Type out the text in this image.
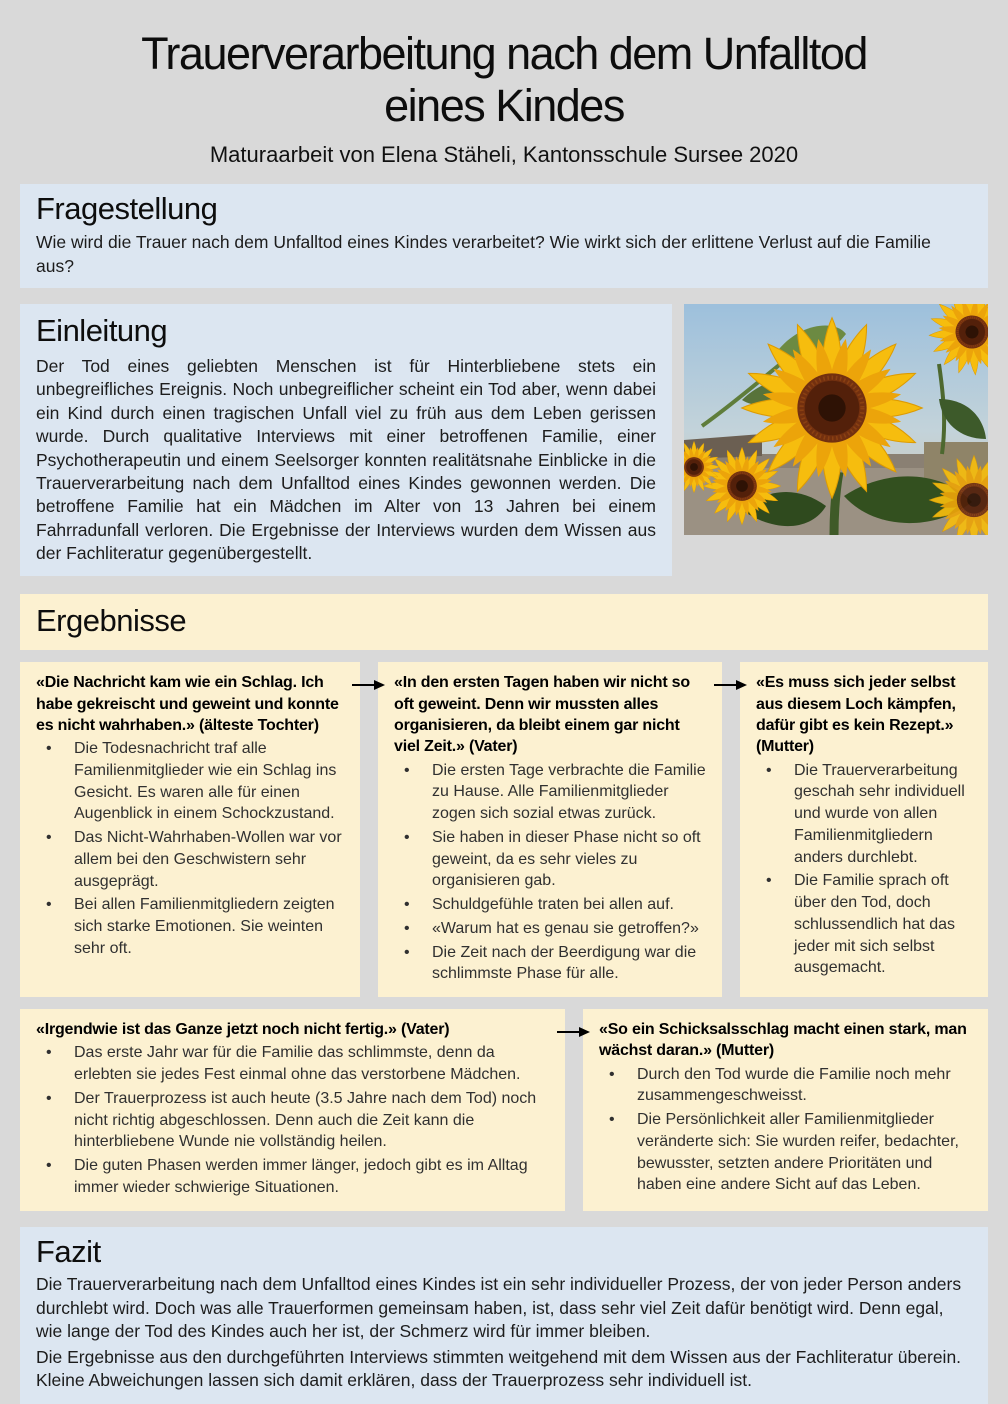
Trauerverarbeitung nach dem Unfalltod
eines Kindes
Maturaarbeit von Elena Stäheli, Kantonsschule Sursee 2020
Fragestellung

Wie wird die Trauer nach dem Unfalltod eines Kindes verarbeitet? Wie wirkt sich der erlittene Verlust auf die Familie aus?

Einleitung

Der Tod eines geliebten Menschen ist für Hinterbliebene stets ein unbegreifliches Ereignis. Noch unbegreiflicher scheint ein Tod aber, wenn dabei ein Kind durch einen tragischen Unfall viel zu früh aus dem Leben gerissen wurde. Durch qualitative Interviews mit einer betroffenen Familie, einer Psychotherapeutin und einem Seelsorger konnten realitätsnahe Einblicke in die Trauerverarbeitung nach dem Unfalltod eines Kindes gewonnen werden. Die betroffene Familie hat ein Mädchen im Alter von 13 Jahren bei einem Fahrradunfall verloren. Die Ergebnisse der Interviews wurden dem Wissen aus der Fachliteratur gegenübergestellt.

Ergebnisse
«Die Nachricht kam wie ein Schlag. Ich habe gekreischt und geweint und konnte es nicht wahrhaben.» (älteste Tochter)
• Die Todesnachricht traf alle Familienmitglieder wie ein Schlag ins Gesicht. Es waren alle für einen Augenblick in einem Schockzustand.
• Das Nicht-Wahrhaben-Wollen war vor allem bei den Geschwistern sehr ausgeprägt.
• Bei allen Familienmitgliedern zeigten sich starke Emotionen. Sie weinten sehr oft.
«In den ersten Tagen haben wir nicht so oft geweint. Denn wir mussten alles organisieren, da bleibt einem gar nicht viel Zeit.» (Vater)
• Die ersten Tage verbrachte die Familie zu Hause. Alle Familienmitglieder zogen sich sozial etwas zurück.
• Sie haben in dieser Phase nicht so oft geweint, da es sehr vieles zu organisieren gab.
• Schuldgefühle traten bei allen auf.
• «Warum hat es genau sie getroffen?»
• Die Zeit nach der Beerdigung war die schlimmste Phase für alle.
«Es muss sich jeder selbst aus diesem Loch kämpfen, dafür gibt es kein Rezept.» (Mutter)
• Die Trauerverarbeitung geschah sehr individuell und wurde von allen Familienmitgliedern anders durchlebt.
• Die Familie sprach oft über den Tod, doch schlussendlich hat das jeder mit sich selbst ausgemacht.
«Irgendwie ist das Ganze jetzt noch nicht fertig.» (Vater)
• Das erste Jahr war für die Familie das schlimmste, denn da erlebten sie jedes Fest einmal ohne das verstorbene Mädchen.
• Der Trauerprozess ist auch heute (3.5 Jahre nach dem Tod) noch nicht richtig abgeschlossen. Denn auch die Zeit kann die hinterbliebene Wunde nie vollständig heilen.
• Die guten Phasen werden immer länger, jedoch gibt es im Alltag immer wieder schwierige Situationen.
«So ein Schicksalsschlag macht einen stark, man wächst daran.» (Mutter)
• Durch den Tod wurde die Familie noch mehr zusammengeschweisst.
• Die Persönlichkeit aller Familienmitglieder veränderte sich: Sie wurden reifer, bedachter, bewusster, setzten andere Prioritäten und haben eine andere Sicht auf das Leben.
Fazit

Die Trauerverarbeitung nach dem Unfalltod eines Kindes ist ein sehr individueller Prozess, der von jeder Person anders durchlebt wird. Doch was alle Trauerformen gemeinsam haben, ist, dass sehr viel Zeit dafür benötigt wird. Denn egal, wie lange der Tod des Kindes auch her ist, der Schmerz wird für immer bleiben.

Die Ergebnisse aus den durchgeführten Interviews stimmten weitgehend mit dem Wissen aus der Fachliteratur überein. Kleine Abweichungen lassen sich damit erklären, dass der Trauerprozess sehr individuell ist.
